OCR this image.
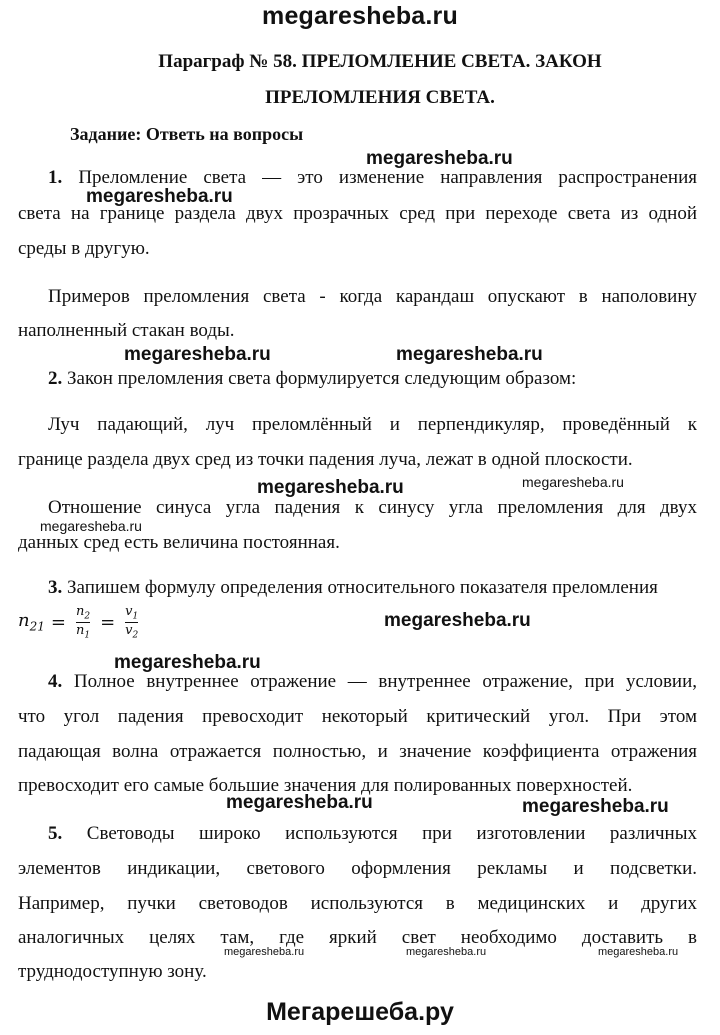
megaresheba.ru
Параграф № 58. ПРЕЛОМЛЕНИЕ СВЕТА. ЗАКОН
ПРЕЛОМЛЕНИЯ СВЕТА.
Задание: Ответь на вопросы
megaresheba.ru
megaresheba.ru
megaresheba.ru	megaresheba.ru
megaresheba.ru	megaresheba.ru
megaresheba.ru
megaresheba.ru
megaresheba.ru
megaresheba.ru	megaresheba.ru
megaresheba.ru	megaresheba.ru	megaresheba.ru
1. Преломление света — это изменение направления распространения
света на границе раздела двух прозрачных сред при переходе света из одной
среды в другую.
Примеров преломления света - когда карандаш опускают в наполовину
наполненный стакан воды.
2. Закон преломления света формулируется следующим образом:
Луч падающий, луч преломлённый и перпендикуляр, проведённый к
границе раздела двух сред из точки падения луча, лежат в одной плоскости.
Отношение синуса угла падения к синусу угла преломления для двух
данных сред есть величина постоянная.
3. Запишем формулу определения относительного показателя преломления
$n_{21} = \frac{n_2}{n_1} = \frac{v_1}{v_2}$
4. Полное внутреннее отражение — внутреннее отражение, при условии,
что угол падения превосходит некоторый критический угол. При этом
падающая волна отражается полностью, и значение коэффициента отражения
превосходит его самые большие значения для полированных поверхностей.
5. Световоды широко используются при изготовлении различных
элементов индикации, светового оформления рекламы и подсветки.
Например, пучки световодов используются в медицинских и других
аналогичных целях там, где яркий свет необходимо доставить в
труднодоступную зону.
Мегарешеба.ру
